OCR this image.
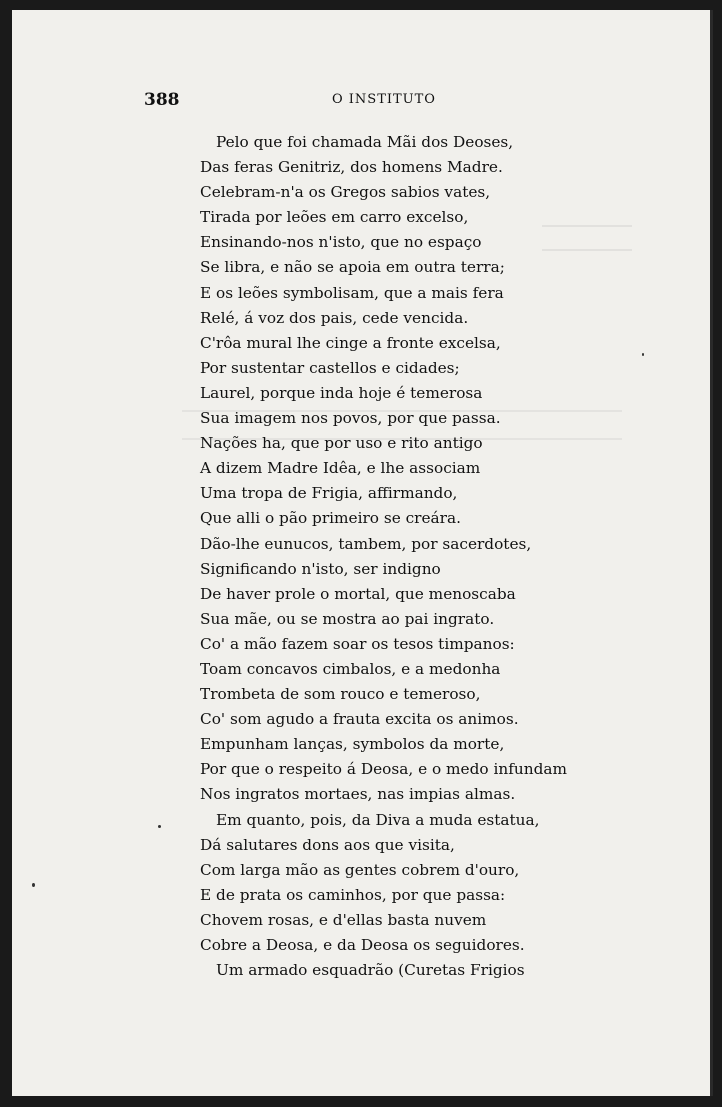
388	O INSTITUTO
Pelo que foi chamada Mãi dos Deoses,
Das feras Genitriz, dos homens Madre.
Celebram-n'a os Gregos sabios vates,
Tirada por leões em carro excelso,
Ensinando-nos n'isto, que no espaço
Se libra, e não se apoia em outra terra;
E os leões symbolisam, que a mais fera
Relé, á voz dos pais, cede vencida.
C'rôa mural lhe cinge a fronte excelsa,
Por sustentar castellos e cidades;
Laurel, porque inda hoje é temerosa
Sua imagem nos povos, por que passa.
Nações ha, que por uso e rito antigo
A dizem Madre Idêa, e lhe associam
Uma tropa de Frigia, affirmando,
Que alli o pão primeiro se creára.
Dão-lhe eunucos, tambem, por sacerdotes,
Significando n'isto, ser indigno
De haver prole o mortal, que menoscaba
Sua mãe, ou se mostra ao pai ingrato.
Co' a mão fazem soar os tesos timpanos:
Toam concavos cimbalos, e a medonha
Trombeta de som rouco e temeroso,
Co' som agudo a frauta excita os animos.
Empunham lanças, symbolos da morte,
Por que o respeito á Deosa, e o medo infundam
Nos ingratos mortaes, nas impias almas.
Em quanto, pois, da Diva a muda estatua,
Dá salutares dons aos que visita,
Com larga mão as gentes cobrem d'ouro,
E de prata os caminhos, por que passa:
Chovem rosas, e d'ellas basta nuvem
Cobre a Deosa, e da Deosa os seguidores.
Um armado esquadrão (Curetas Frigios
